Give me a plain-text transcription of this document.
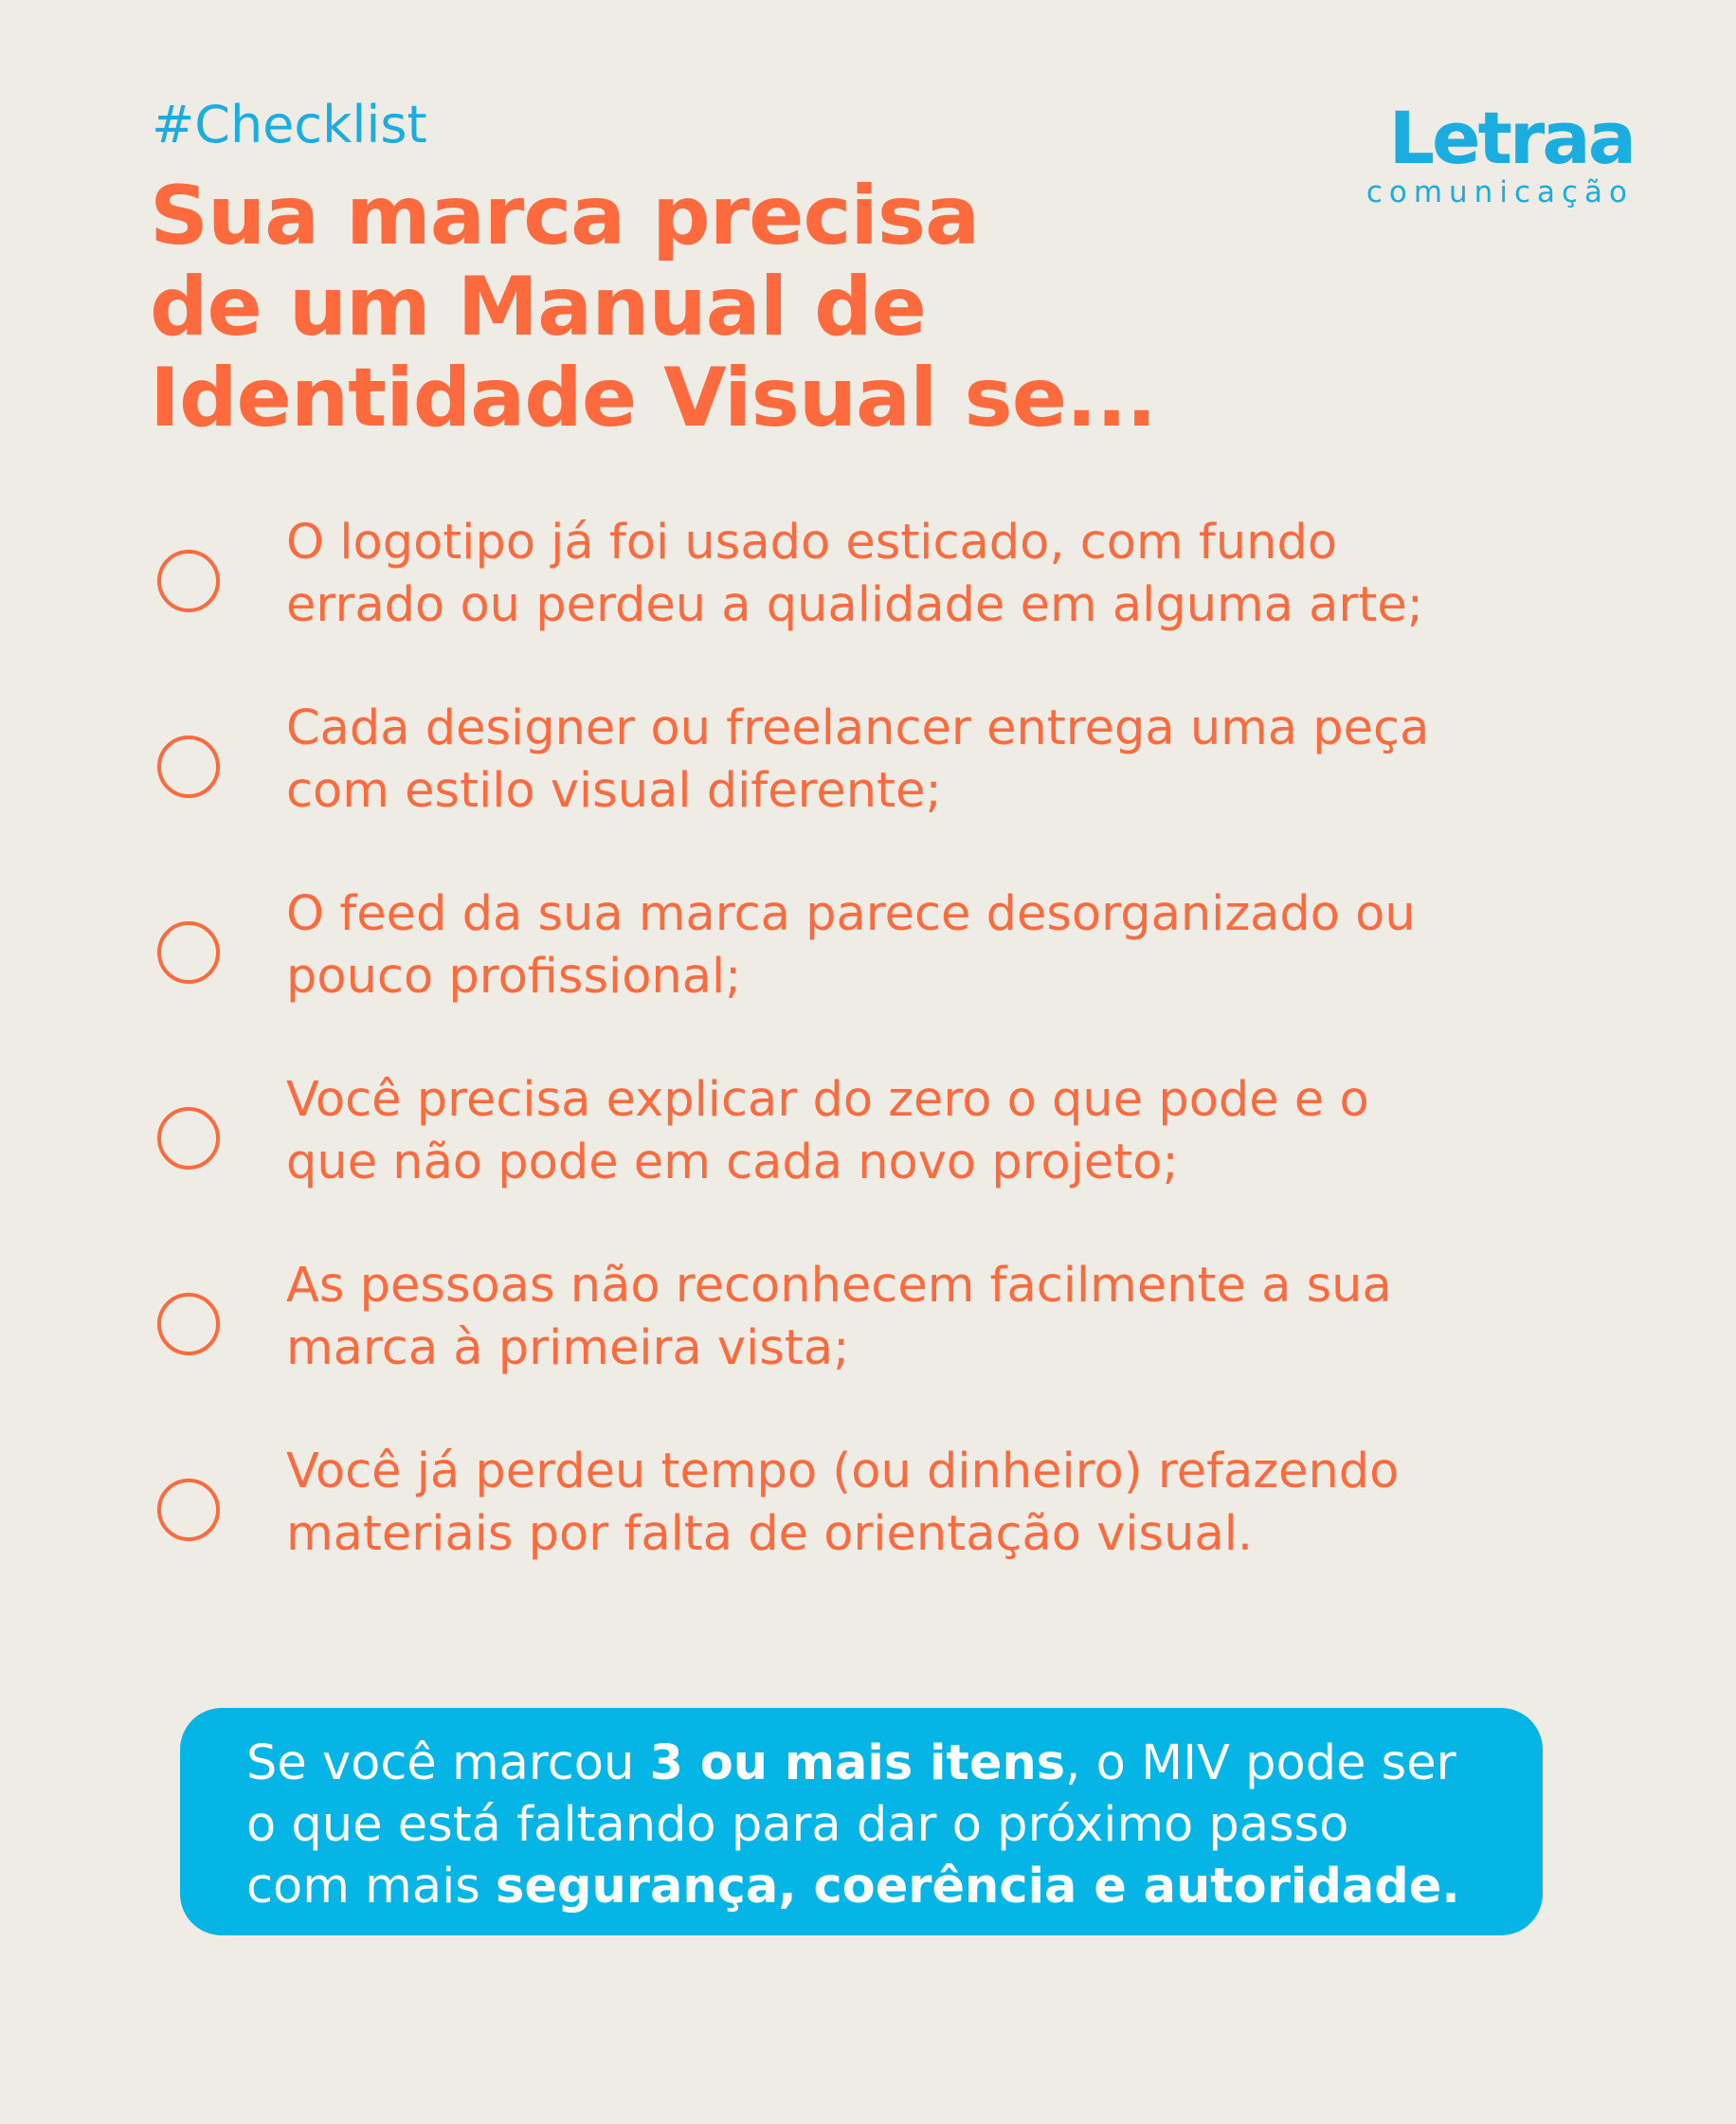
#Checklist
Sua marca precisa
de um Manual de
Identidade Visual se...
Letraa
comunicação
O logotipo já foi usado esticado, com fundo
errado ou perdeu a qualidade em alguma arte;
Cada designer ou freelancer entrega uma peça
com estilo visual diferente;
O feed da sua marca parece desorganizado ou
pouco profissional;
Você precisa explicar do zero o que pode e o
que não pode em cada novo projeto;
As pessoas não reconhecem facilmente a sua
marca à primeira vista;
Você já perdeu tempo (ou dinheiro) refazendo
materiais por falta de orientação visual.
Se você marcou 3 ou mais itens, o MIV pode ser
o que está faltando para dar o próximo passo
com mais segurança, coerência e autoridade.
